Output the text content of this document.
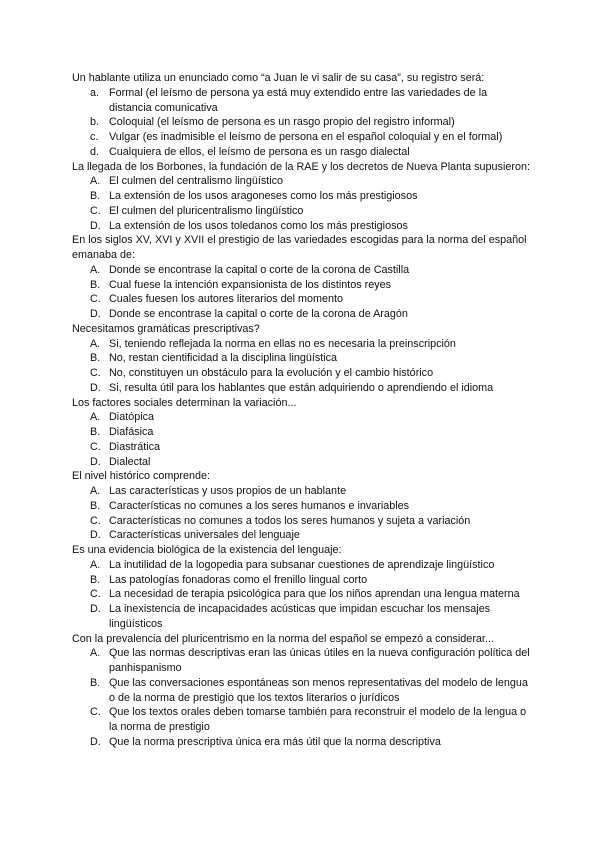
Un hablante utiliza un enunciado como “a Juan le vi salir de su casa”, su registro será:

a. Formal (el leísmo de persona ya está muy extendido entre las variedades de la distancia comunicativa

b. Coloquial (el leísmo de persona es un rasgo propio del registro informal)

c. Vulgar (es inadmisible el leísmo de persona en el español coloquial y en el formal)

d. Cualquiera de ellos, el leísmo de persona es un rasgo dialectal

La llegada de los Borbones, la fundación de la RAE y los decretos de Nueva Planta supusieron:

A. El culmen del centralismo lingüístico

B. La extensión de los usos aragoneses como los más prestigiosos

C. El culmen del pluricentralismo lingüístico

D. La extensión de los usos toledanos como los más prestigiosos

En los siglos XV, XVI y XVII el prestigio de las variedades escogidas para la norma del español emanaba de:

A. Donde se encontrase la capital o corte de la corona de Castilla

B. Cual fuese la intención expansionista de los distintos reyes

C. Cuales fuesen los autores literarios del momento

D. Donde se encontrase la capital o corte de la corona de Aragón

Necesitamos gramáticas prescriptivas?

A. Si, teniendo reflejada la norma en ellas no es necesaria la preinscripción

B. No, restan cientificidad a la disciplina lingüística

C. No, constituyen un obstáculo para la evolución y el cambio histórico

D. Si, resulta útil para los hablantes que están adquiriendo o aprendiendo el idioma

Los factores sociales determinan la variación...

A. Diatópica

B. Diafásica

C. Diastrática

D. Dialectal

El nivel histórico comprende:

A. Las características y usos propios de un hablante

B. Características no comunes a los seres humanos e invariables

C. Características no comunes a todos los seres humanos y sujeta a variación

D. Características universales del lenguaje

Es una evidencia biológica de la existencia del lenguaje:

A. La inutilidad de la logopedia para subsanar cuestiones de aprendizaje lingüístico

B. Las patologías fonadoras como el frenillo lingual corto

C. La necesidad de terapia psicológica para que los niños aprendan una lengua materna

D. La inexistencia de incapacidades acústicas que impidan escuchar los mensajes lingüísticos

Con la prevalencia del pluricentrismo en la norma del español se empezó a considerar...

A. Que las normas descriptivas eran las únicas útiles en la nueva configuración política del panhispanismo

B. Que las conversaciones espontáneas son menos representativas del modelo de lengua o de la norma de prestigio que los textos literarios o jurídicos

C. Que los textos orales deben tomarse también para reconstruir el modelo de la lengua o la norma de prestigio

D. Que la norma prescriptiva única era más útil que la norma descriptiva
